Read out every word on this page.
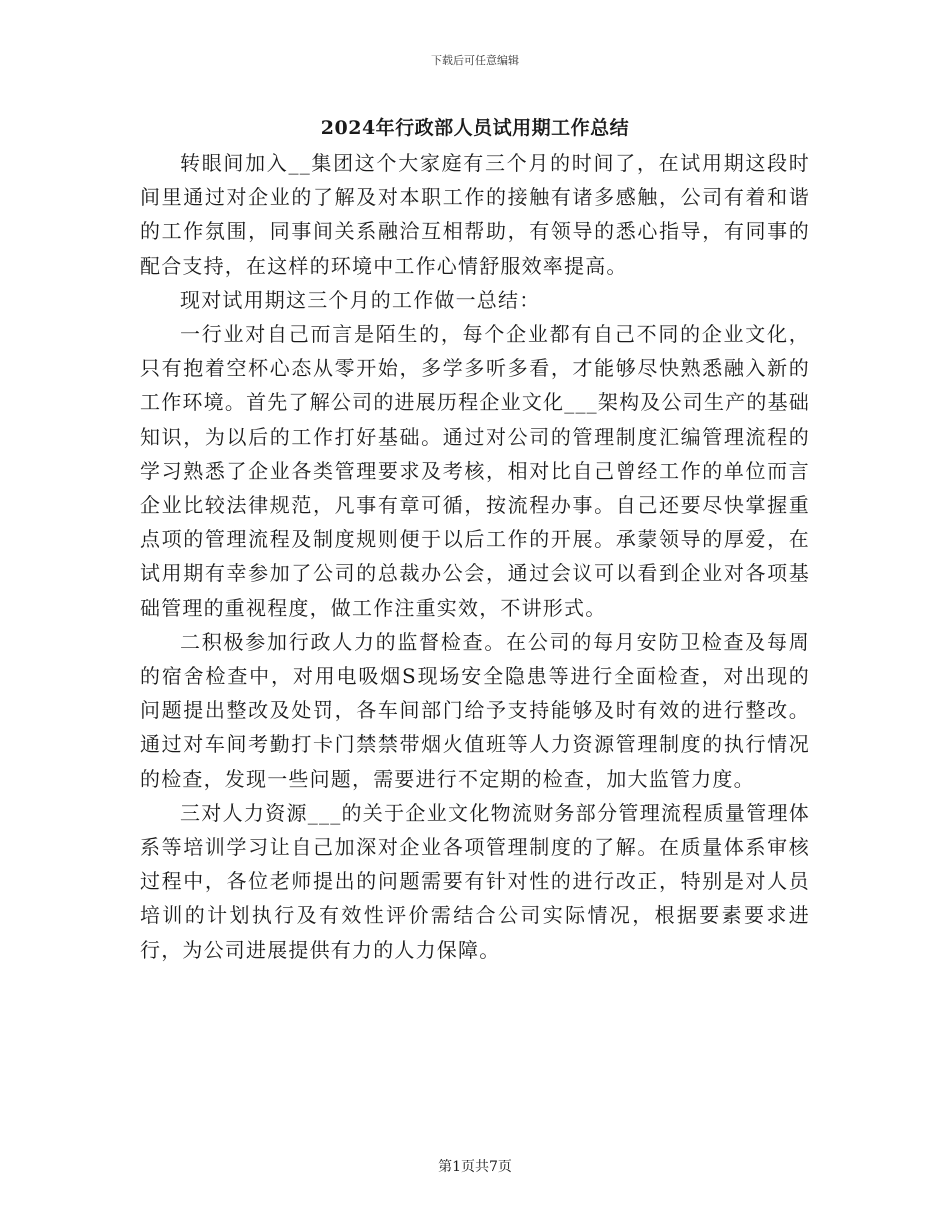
下载后可任意编辑
2024年行政部人员试用期工作总结

转眼间加入__集团这个大家庭有三个月的时间了，在试用期这段时间里通过对企业的了解及对本职工作的接触有诸多感触，公司有着和谐的工作氛围，同事间关系融洽互相帮助，有领导的悉心指导，有同事的配合支持，在这样的环境中工作心情舒服效率提高。

现对试用期这三个月的工作做一总结：

一行业对自己而言是陌生的，每个企业都有自己不同的企业文化，只有抱着空杯心态从零开始，多学多听多看，才能够尽快熟悉融入新的工作环境。首先了解公司的进展历程企业文化___架构及公司生产的基础知识，为以后的工作打好基础。通过对公司的管理制度汇编管理流程的学习熟悉了企业各类管理要求及考核，相对比自己曾经工作的单位而言企业比较法律规范，凡事有章可循，按流程办事。自己还要尽快掌握重点项的管理流程及制度规则便于以后工作的开展。承蒙领导的厚爱，在试用期有幸参加了公司的总裁办公会，通过会议可以看到企业对各项基础管理的重视程度，做工作注重实效，不讲形式。

二积极参加行政人力的监督检查。在公司的每月安防卫检查及每周的宿舍检查中，对用电吸烟S现场安全隐患等进行全面检查，对出现的问题提出整改及处罚，各车间部门给予支持能够及时有效的进行整改。通过对车间考勤打卡门禁禁带烟火值班等人力资源管理制度的执行情况的检查，发现一些问题，需要进行不定期的检查，加大监管力度。

三对人力资源___的关于企业文化物流财务部分管理流程质量管理体系等培训学习让自己加深对企业各项管理制度的了解。在质量体系审核过程中，各位老师提出的问题需要有针对性的进行改正，特别是对人员培训的计划执行及有效性评价需结合公司实际情况，根据要素要求进行，为公司进展提供有力的人力保障。

第1页共7页
